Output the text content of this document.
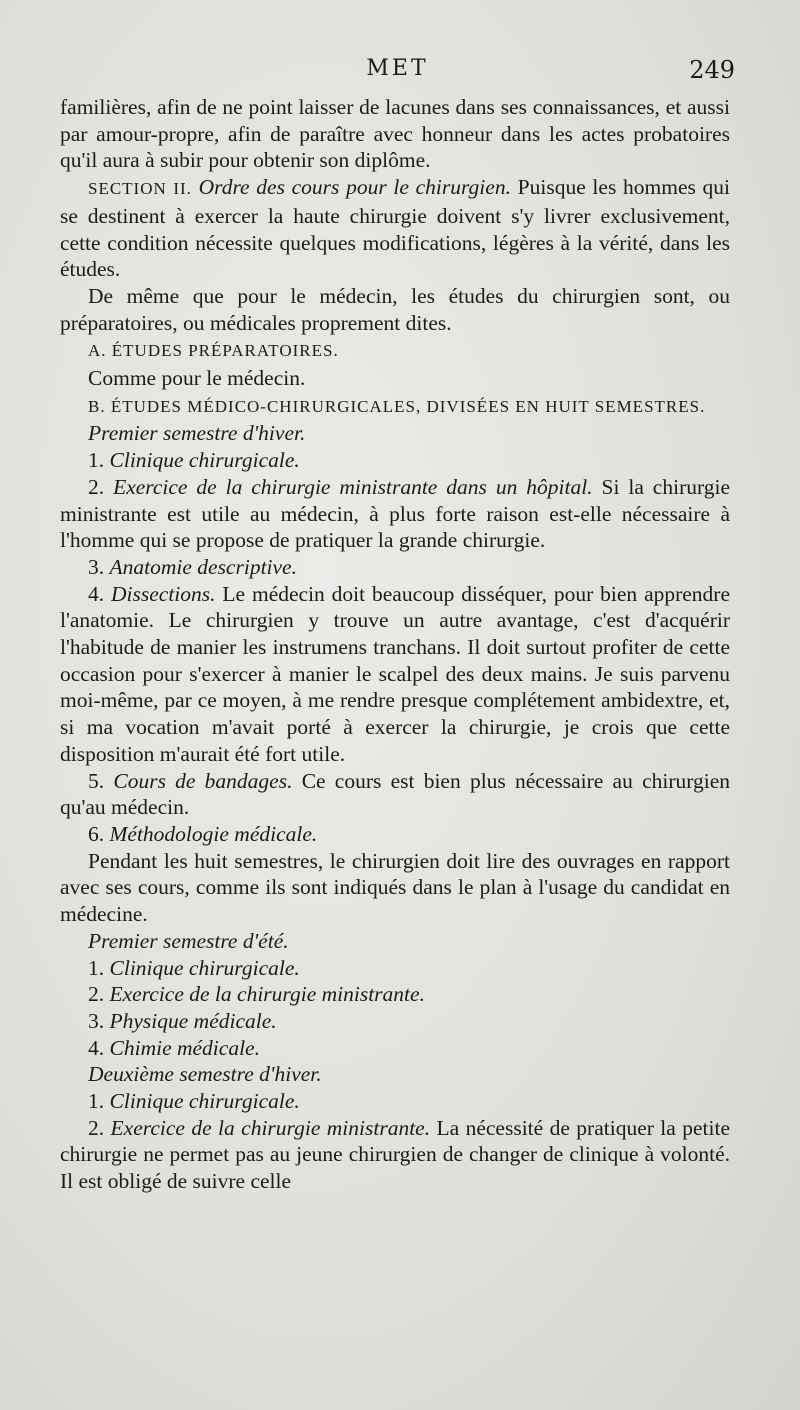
MET	249

familières, afin de ne point laisser de lacunes dans ses connaissances, et aussi par amour-propre, afin de paraître avec honneur dans les actes probatoires qu'il aura à subir pour obtenir son diplôme.

SECTION II. Ordre des cours pour le chirurgien. Puisque les hommes qui se destinent à exercer la haute chirurgie doivent s'y livrer exclusivement, cette condition nécessite quelques modifications, légères à la vérité, dans les études.

De même que pour le médecin, les études du chirurgien sont, ou préparatoires, ou médicales proprement dites.

A. ÉTUDES PRÉPARATOIRES.

Comme pour le médecin.

B. ÉTUDES MÉDICO-CHIRURGICALES, DIVISÉES EN HUIT SEMESTRES.

Premier semestre d'hiver.

1. Clinique chirurgicale.

2. Exercice de la chirurgie ministrante dans un hôpital. Si la chirurgie ministrante est utile au médecin, à plus forte raison est-elle nécessaire à l'homme qui se propose de pratiquer la grande chirurgie.

3. Anatomie descriptive.

4. Dissections. Le médecin doit beaucoup disséquer, pour bien apprendre l'anatomie. Le chirurgien y trouve un autre avantage, c'est d'acquérir l'habitude de manier les instrumens tranchans. Il doit surtout profiter de cette occasion pour s'exercer à manier le scalpel des deux mains. Je suis parvenu moi-même, par ce moyen, à me rendre presque complétement ambidextre, et, si ma vocation m'avait porté à exercer la chirurgie, je crois que cette disposition m'aurait été fort utile.

5. Cours de bandages. Ce cours est bien plus nécessaire au chirurgien qu'au médecin.

6. Méthodologie médicale.

Pendant les huit semestres, le chirurgien doit lire des ouvrages en rapport avec ses cours, comme ils sont indiqués dans le plan à l'usage du candidat en médecine.

Premier semestre d'été.

1. Clinique chirurgicale.

2. Exercice de la chirurgie ministrante.

3. Physique médicale.

4. Chimie médicale.

Deuxième semestre d'hiver.

1. Clinique chirurgicale.

2. Exercice de la chirurgie ministrante. La nécessité de pratiquer la petite chirurgie ne permet pas au jeune chirurgien de changer de clinique à volonté. Il est obligé de suivre celle
